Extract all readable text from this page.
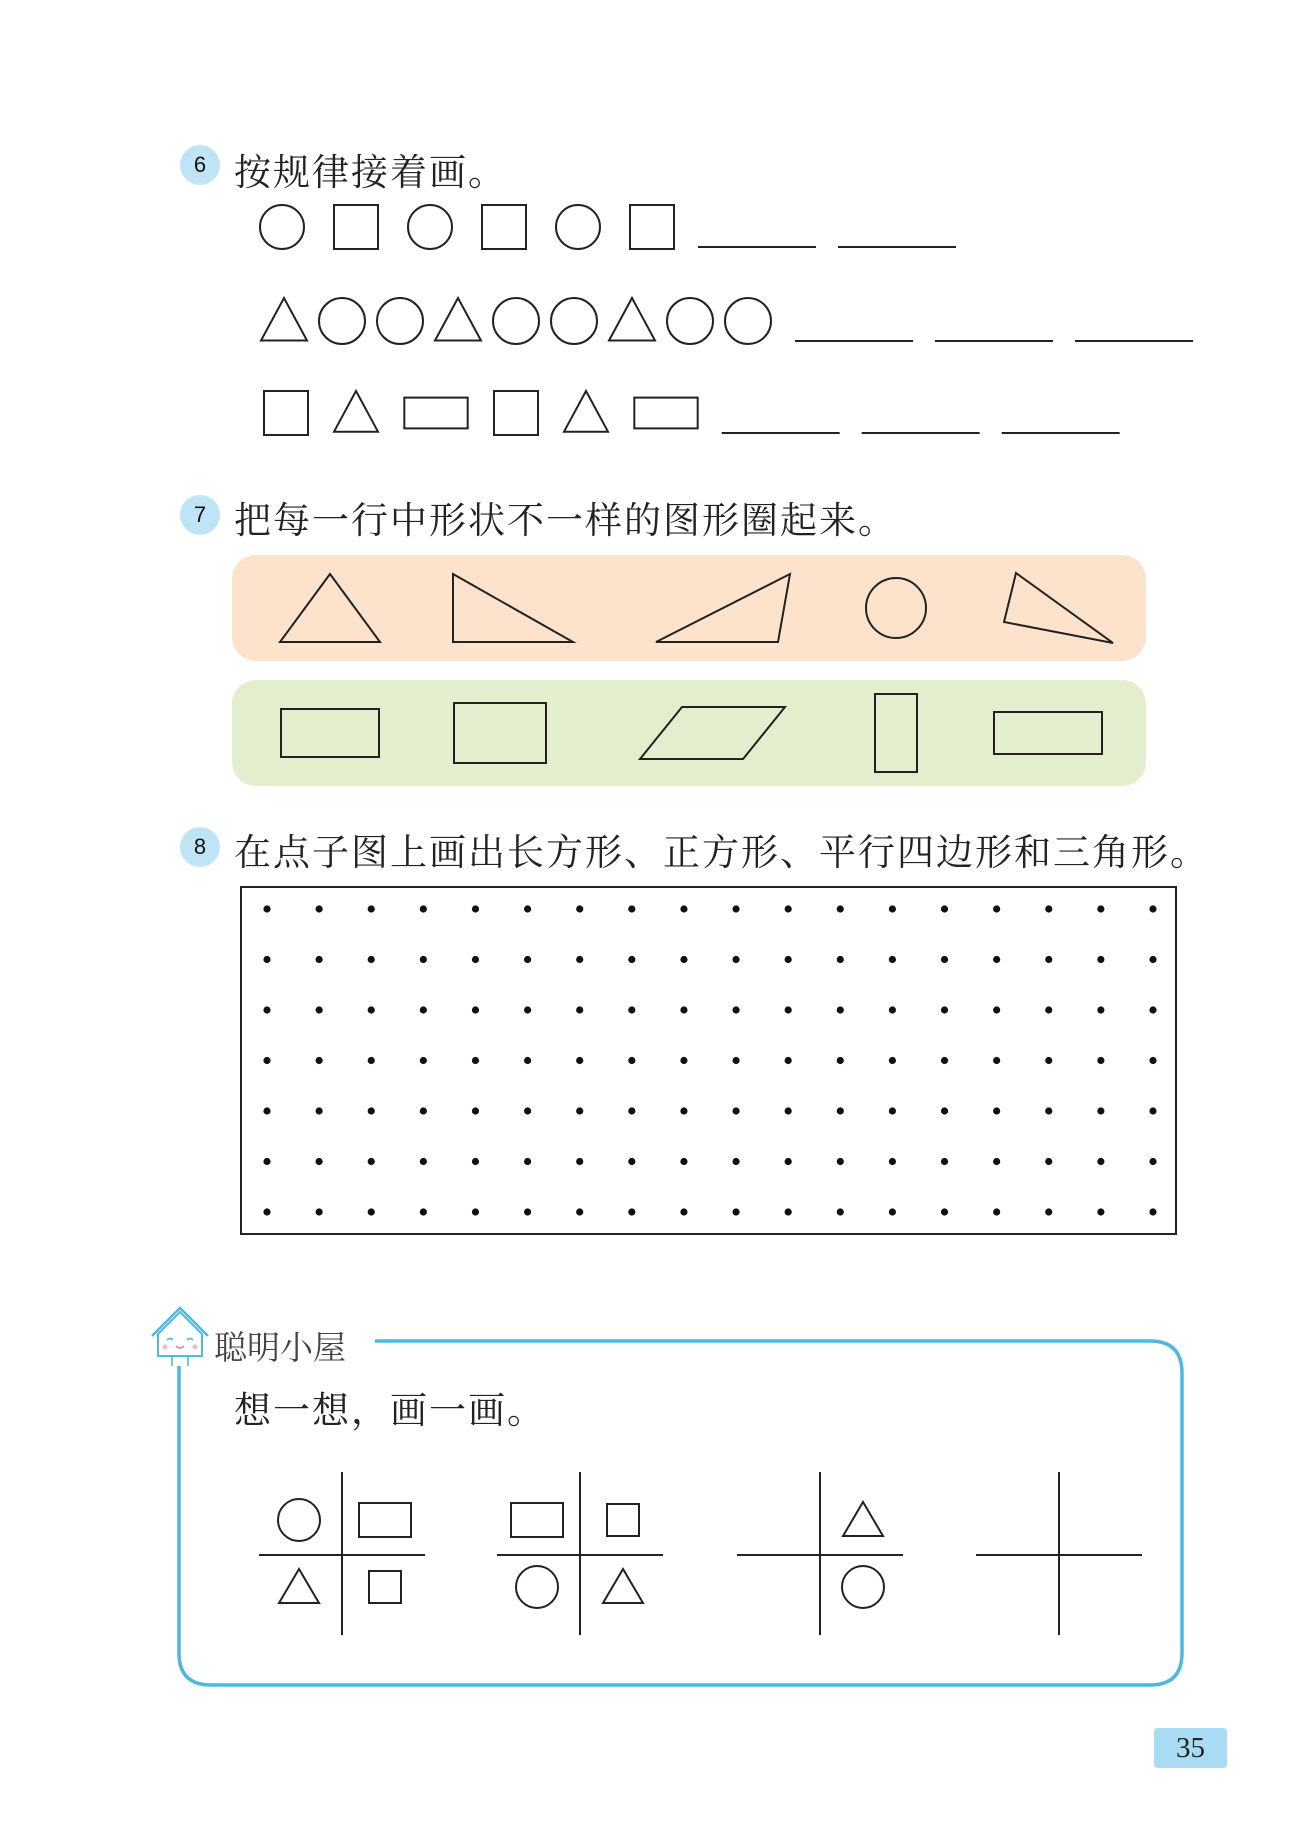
6 按规律接着画。
7 把每一行中形状不一样的图形圈起来。
8 在点子图上画出长方形、正方形、平行四边形和三角形。
聪明小屋
想一想，画一画。
35
